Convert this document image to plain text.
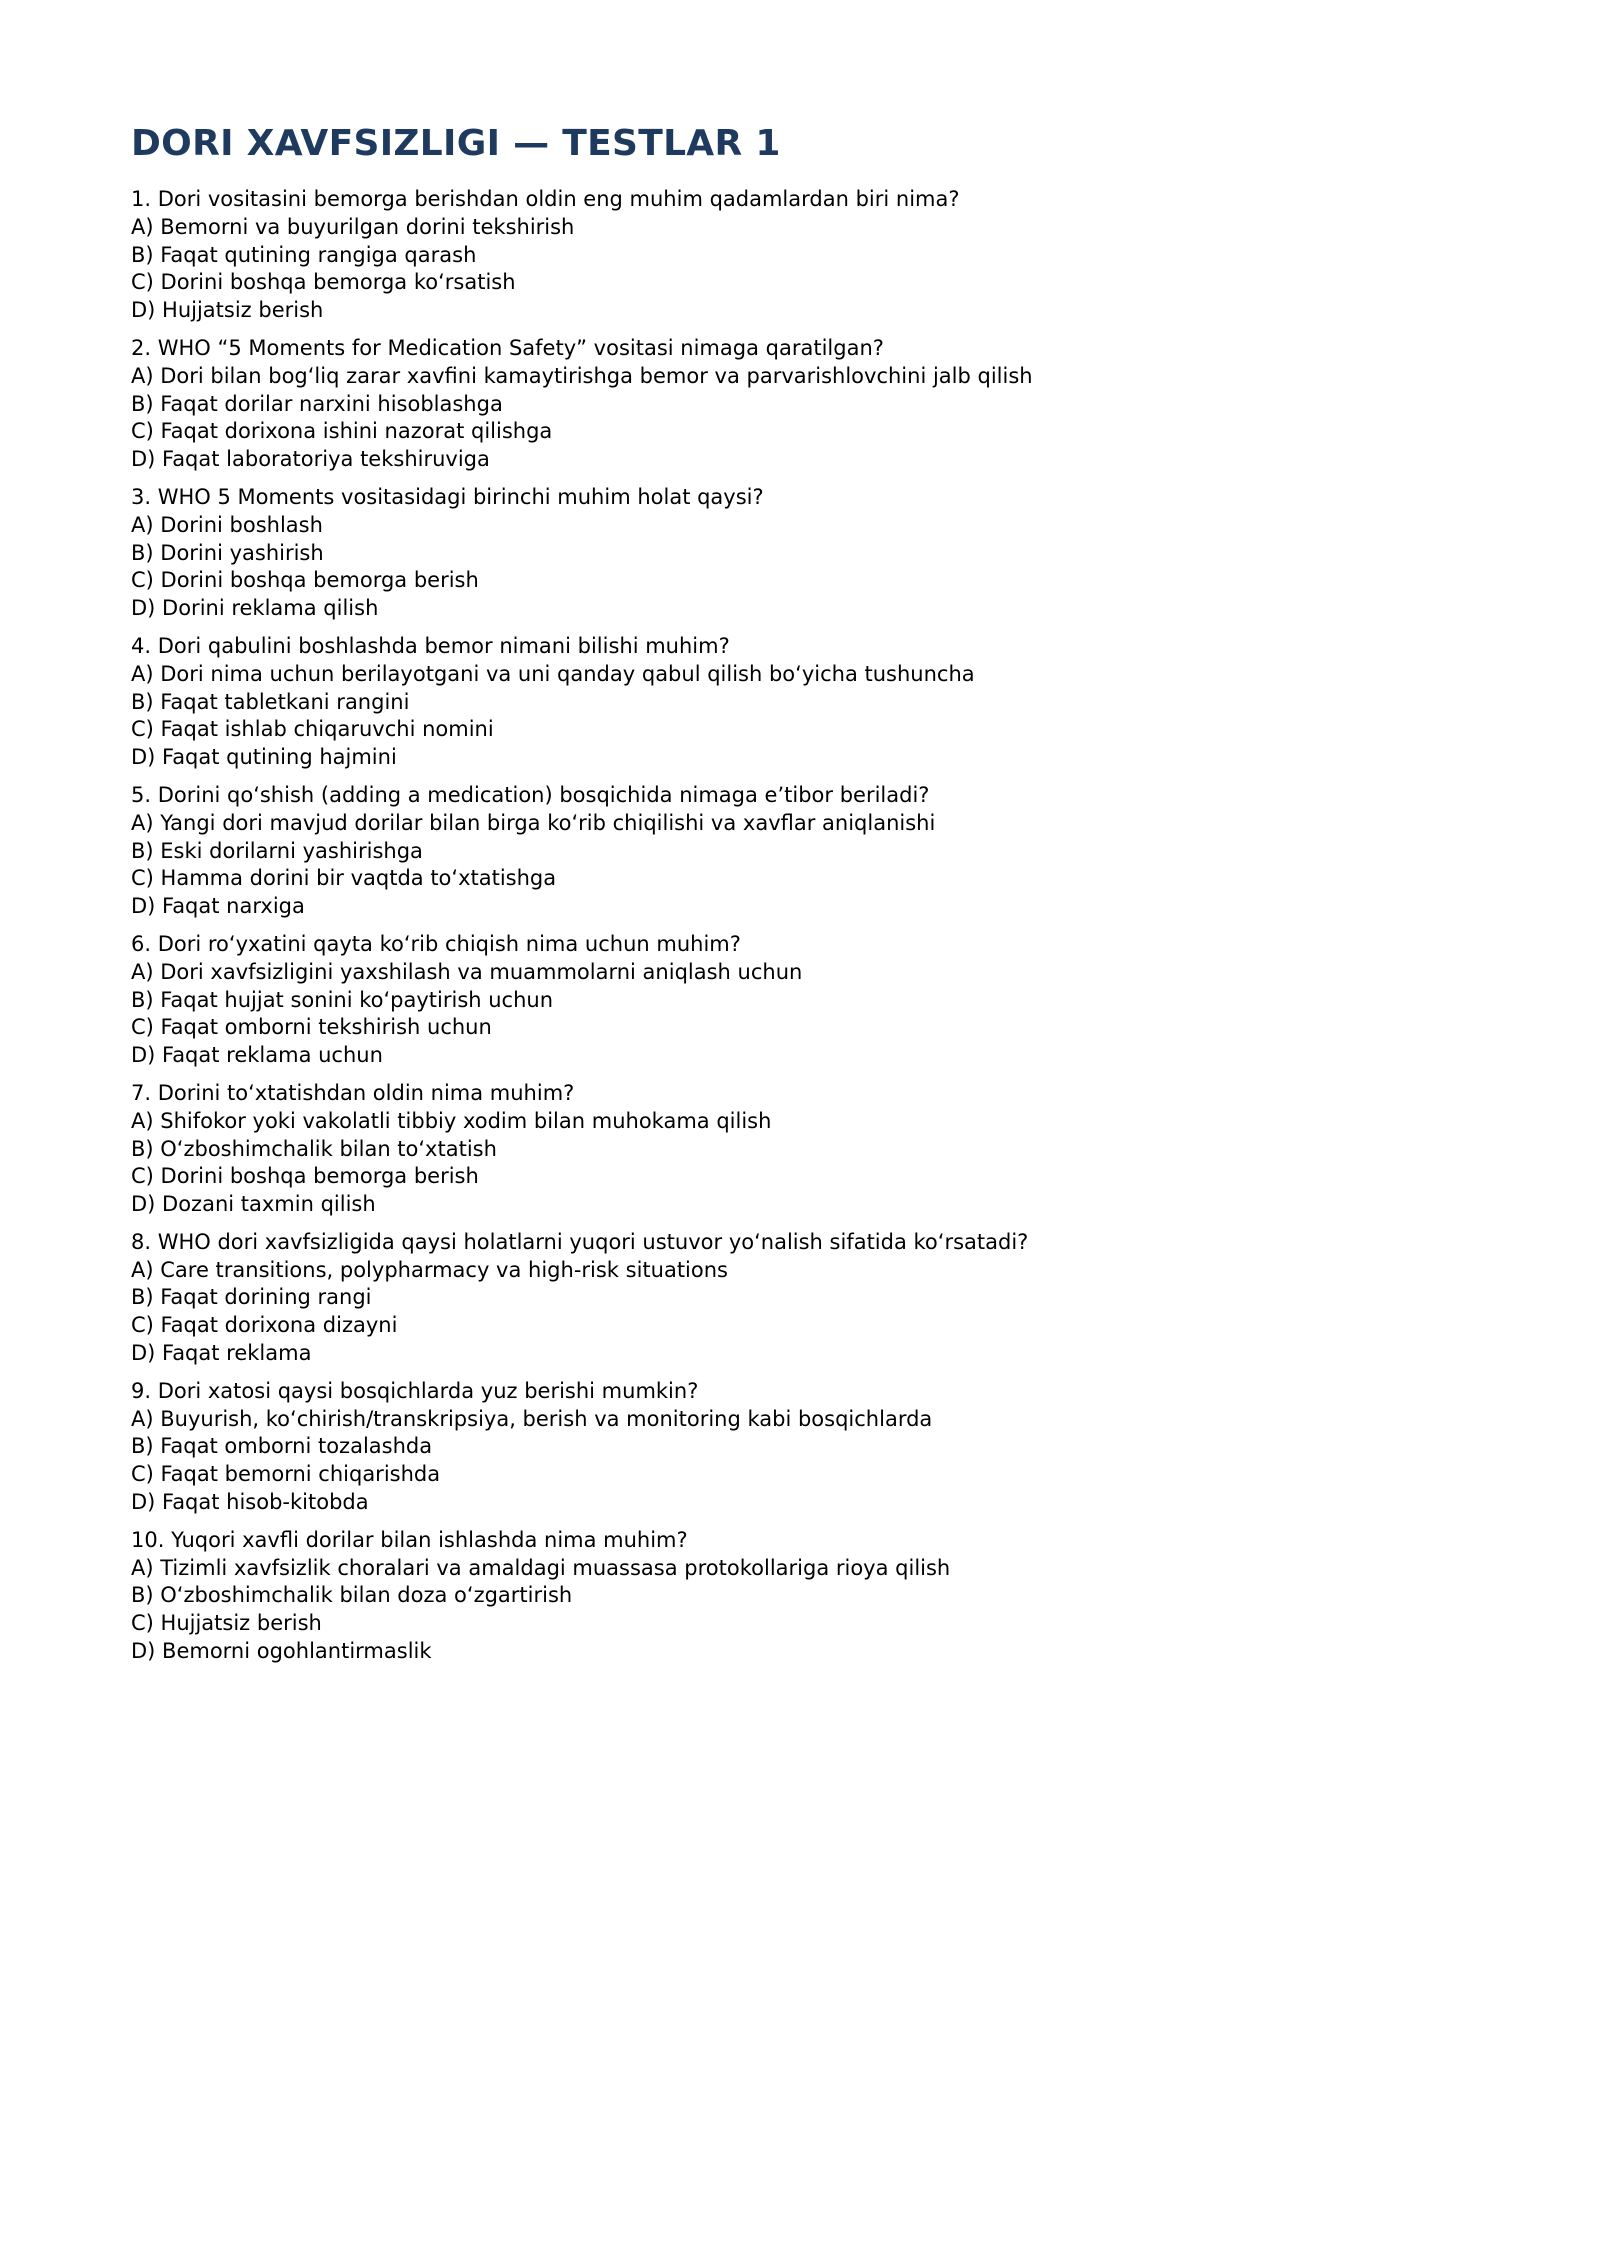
DORI XAVFSIZLIGI — TESTLAR 1
1. Dori vositasini bemorga berishdan oldin eng muhim qadamlardan biri nima?
A) Bemorni va buyurilgan dorini tekshirish
B) Faqat qutining rangiga qarash
C) Dorini boshqa bemorga koʻrsatish
D) Hujjatsiz berish
2. WHO “5 Moments for Medication Safety” vositasi nimaga qaratilgan?
A) Dori bilan bogʻliq zarar xavfini kamaytirishga bemor va parvarishlovchini jalb qilish
B) Faqat dorilar narxini hisoblashga
C) Faqat dorixona ishini nazorat qilishga
D) Faqat laboratoriya tekshiruviga
3. WHO 5 Moments vositasidagi birinchi muhim holat qaysi?
A) Dorini boshlash
B) Dorini yashirish
C) Dorini boshqa bemorga berish
D) Dorini reklama qilish
4. Dori qabulini boshlashda bemor nimani bilishi muhim?
A) Dori nima uchun berilayotgani va uni qanday qabul qilish boʻyicha tushuncha
B) Faqat tabletkani rangini
C) Faqat ishlab chiqaruvchi nomini
D) Faqat qutining hajmini
5. Dorini qoʻshish (adding a medication) bosqichida nimaga eʼtibor beriladi?
A) Yangi dori mavjud dorilar bilan birga koʻrib chiqilishi va xavflar aniqlanishi
B) Eski dorilarni yashirishga
C) Hamma dorini bir vaqtda toʻxtatishga
D) Faqat narxiga
6. Dori roʻyxatini qayta koʻrib chiqish nima uchun muhim?
A) Dori xavfsizligini yaxshilash va muammolarni aniqlash uchun
B) Faqat hujjat sonini koʻpaytirish uchun
C) Faqat omborni tekshirish uchun
D) Faqat reklama uchun
7. Dorini toʻxtatishdan oldin nima muhim?
A) Shifokor yoki vakolatli tibbiy xodim bilan muhokama qilish
B) Oʻzboshimchalik bilan toʻxtatish
C) Dorini boshqa bemorga berish
D) Dozani taxmin qilish
8. WHO dori xavfsizligida qaysi holatlarni yuqori ustuvor yoʻnalish sifatida koʻrsatadi?
A) Care transitions, polypharmacy va high-risk situations
B) Faqat dorining rangi
C) Faqat dorixona dizayni
D) Faqat reklama
9. Dori xatosi qaysi bosqichlarda yuz berishi mumkin?
A) Buyurish, koʻchirish/transkripsiya, berish va monitoring kabi bosqichlarda
B) Faqat omborni tozalashda
C) Faqat bemorni chiqarishda
D) Faqat hisob-kitobda
10. Yuqori xavfli dorilar bilan ishlashda nima muhim?
A) Tizimli xavfsizlik choralari va amaldagi muassasa protokollariga rioya qilish
B) Oʻzboshimchalik bilan doza oʻzgartirish
C) Hujjatsiz berish
D) Bemorni ogohlantirmaslik
